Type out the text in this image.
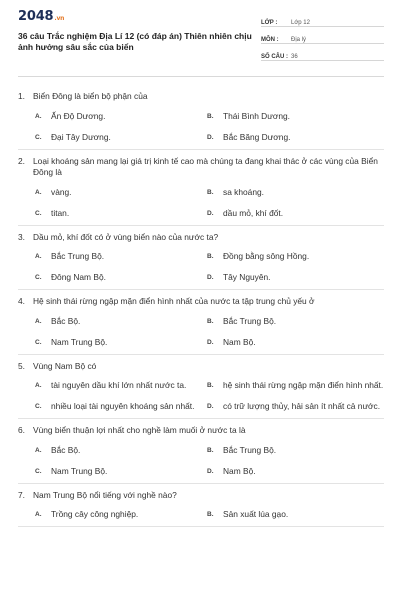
2048.vn
36 câu Trắc nghiệm Địa Lí 12 (có đáp án) Thiên nhiên chịu ảnh hưởng sâu sắc của biển
LỚP :	Lớp 12
MÔN :	Địa lý
SỐ CÂU : 36
1. Biển Đông là biển bộ phận của
A.	Ấn Độ Dương.	B.	Thái Bình Dương.
C.	Đại Tây Dương.	D.	Bắc Băng Dương.
2. Loại khoáng sản mang lại giá trị kinh tế cao mà chúng ta đang khai thác ở các vùng của Biển Đông là
A.	vàng.	B.	sa khoáng.
C.	titan.	D.	dầu mỏ, khí đốt.
3. Dầu mỏ, khí đốt có ở vùng biển nào của nước ta?
A.	Bắc Trung Bộ.	B.	Đồng bằng sông Hồng.
C.	Đông Nam Bộ.	D.	Tây Nguyên.
4. Hệ sinh thái rừng ngập mặn điển hình nhất của nước ta tập trung chủ yếu ở
A.	Bắc Bộ.	B.	Bắc Trung Bộ.
C.	Nam Trung Bộ.	D.	Nam Bộ.
5. Vùng Nam Bộ có
A.	tài nguyên dầu khí lớn nhất nước ta.	B.	hệ sinh thái rừng ngập mặn điển hình nhất.
C.	nhiều loại tài nguyên khoáng sản nhất.	D.	có trữ lượng thủy, hải sản ít nhất cả nước.
6. Vùng biển thuận lợi nhất cho nghề làm muối ở nước ta là
A.	Bắc Bộ.	B.	Bắc Trung Bộ.
C.	Nam Trung Bộ.	D.	Nam Bộ.
7. Nam Trung Bộ nổi tiếng với nghề nào?
A.	Trồng cây công nghiệp.	B.	Sản xuất lúa gạo.
